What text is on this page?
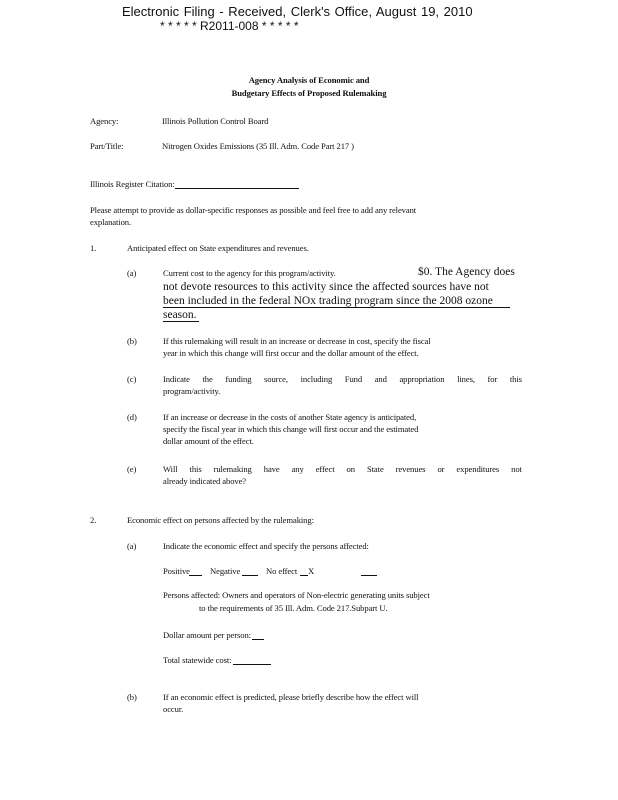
Electronic Filing - Received, Clerk's Office, August 19, 2010
* * * * * R2011-008 * * * * *
Agency Analysis of Economic and
Budgetary Effects of Proposed Rulemaking
Agency:	Illinois Pollution Control Board
Part/Title:	Nitrogen Oxides Emissions (35 Ill. Adm. Code Part 217 )
Illinois Register Citation:
Please attempt to provide as dollar-specific responses as possible and feel free to add any relevant
explanation.
1.	Anticipated effect on State expenditures and revenues.
(a)	Current cost to the agency for this program/activity.	$0. The Agency does
not devote resources to this activity since the affected sources have not
been included in the federal NOx trading program since the 2008 ozone
season.
(b)	If this rulemaking will result in an increase or decrease in cost, specify the fiscal
year in which this change will first occur and the dollar amount of the effect.
(c)	Indicate the funding source, including Fund and appropriation lines, for this
program/activity.
(d)	If an increase or decrease in the costs of another State agency is anticipated,
specify the fiscal year in which this change will first occur and the estimated
dollar amount of the effect.
(e)	Will this rulemaking have any effect on State revenues or expenditures not
already indicated above?
2.	Economic effect on persons affected by the rulemaking:
(a)	Indicate the economic effect and specify the persons affected:
Positive Negative	No effect X
Persons affected: Owners and operators of Non-electric generating units subject
to the requirements of 35 Ill. Adm. Code 217.Subpart U.
Dollar amount per person:
Total statewide cost:
(b)	If an economic effect is predicted, please briefly describe how the effect will
occur.
